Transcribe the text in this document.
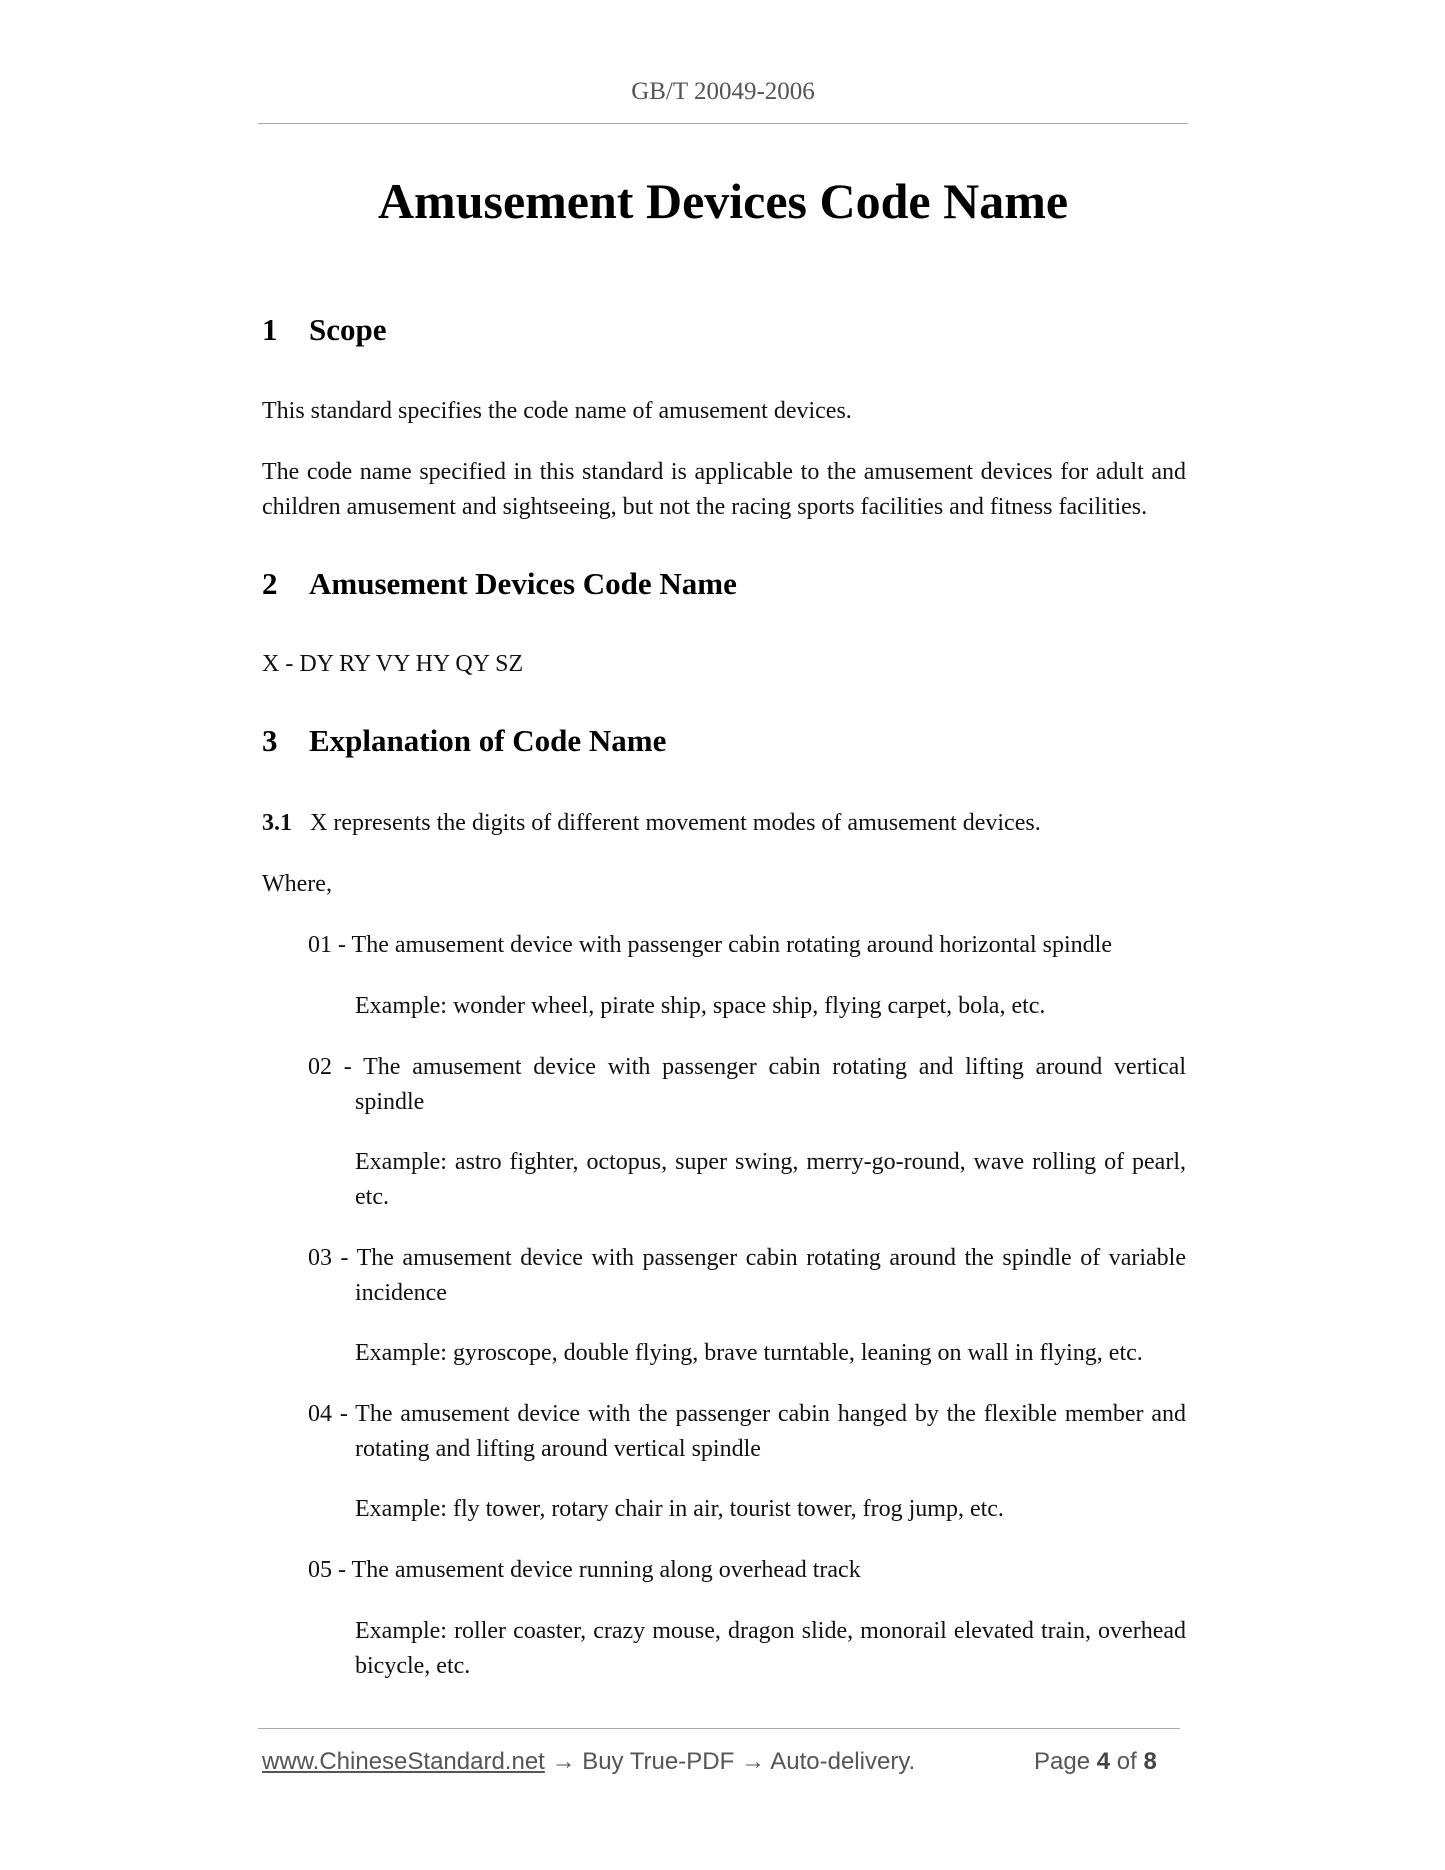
GB/T 20049-2006
Amusement Devices Code Name
1 Scope

This standard specifies the code name of amusement devices.

The code name specified in this standard is applicable to the amusement devices for adult and children amusement and sightseeing, but not the racing sports facilities and fitness facilities.

2 Amusement Devices Code Name

X - DY RY VY HY QY SZ

3 Explanation of Code Name

3.1 X represents the digits of different movement modes of amusement devices.

Where,

01 - The amusement device with passenger cabin rotating around horizontal spindle

Example: wonder wheel, pirate ship, space ship, flying carpet, bola, etc.

02 - The amusement device with passenger cabin rotating and lifting around vertical spindle

Example: astro fighter, octopus, super swing, merry-go-round, wave rolling of pearl, etc.

03 - The amusement device with passenger cabin rotating around the spindle of variable incidence

Example: gyroscope, double flying, brave turntable, leaning on wall in flying, etc.

04 - The amusement device with the passenger cabin hanged by the flexible member and rotating and lifting around vertical spindle

Example: fly tower, rotary chair in air, tourist tower, frog jump, etc.

05 - The amusement device running along overhead track

Example: roller coaster, crazy mouse, dragon slide, monorail elevated train, overhead bicycle, etc.

www.ChineseStandard.net → Buy True-PDF → Auto-delivery.	Page 4 of 8
